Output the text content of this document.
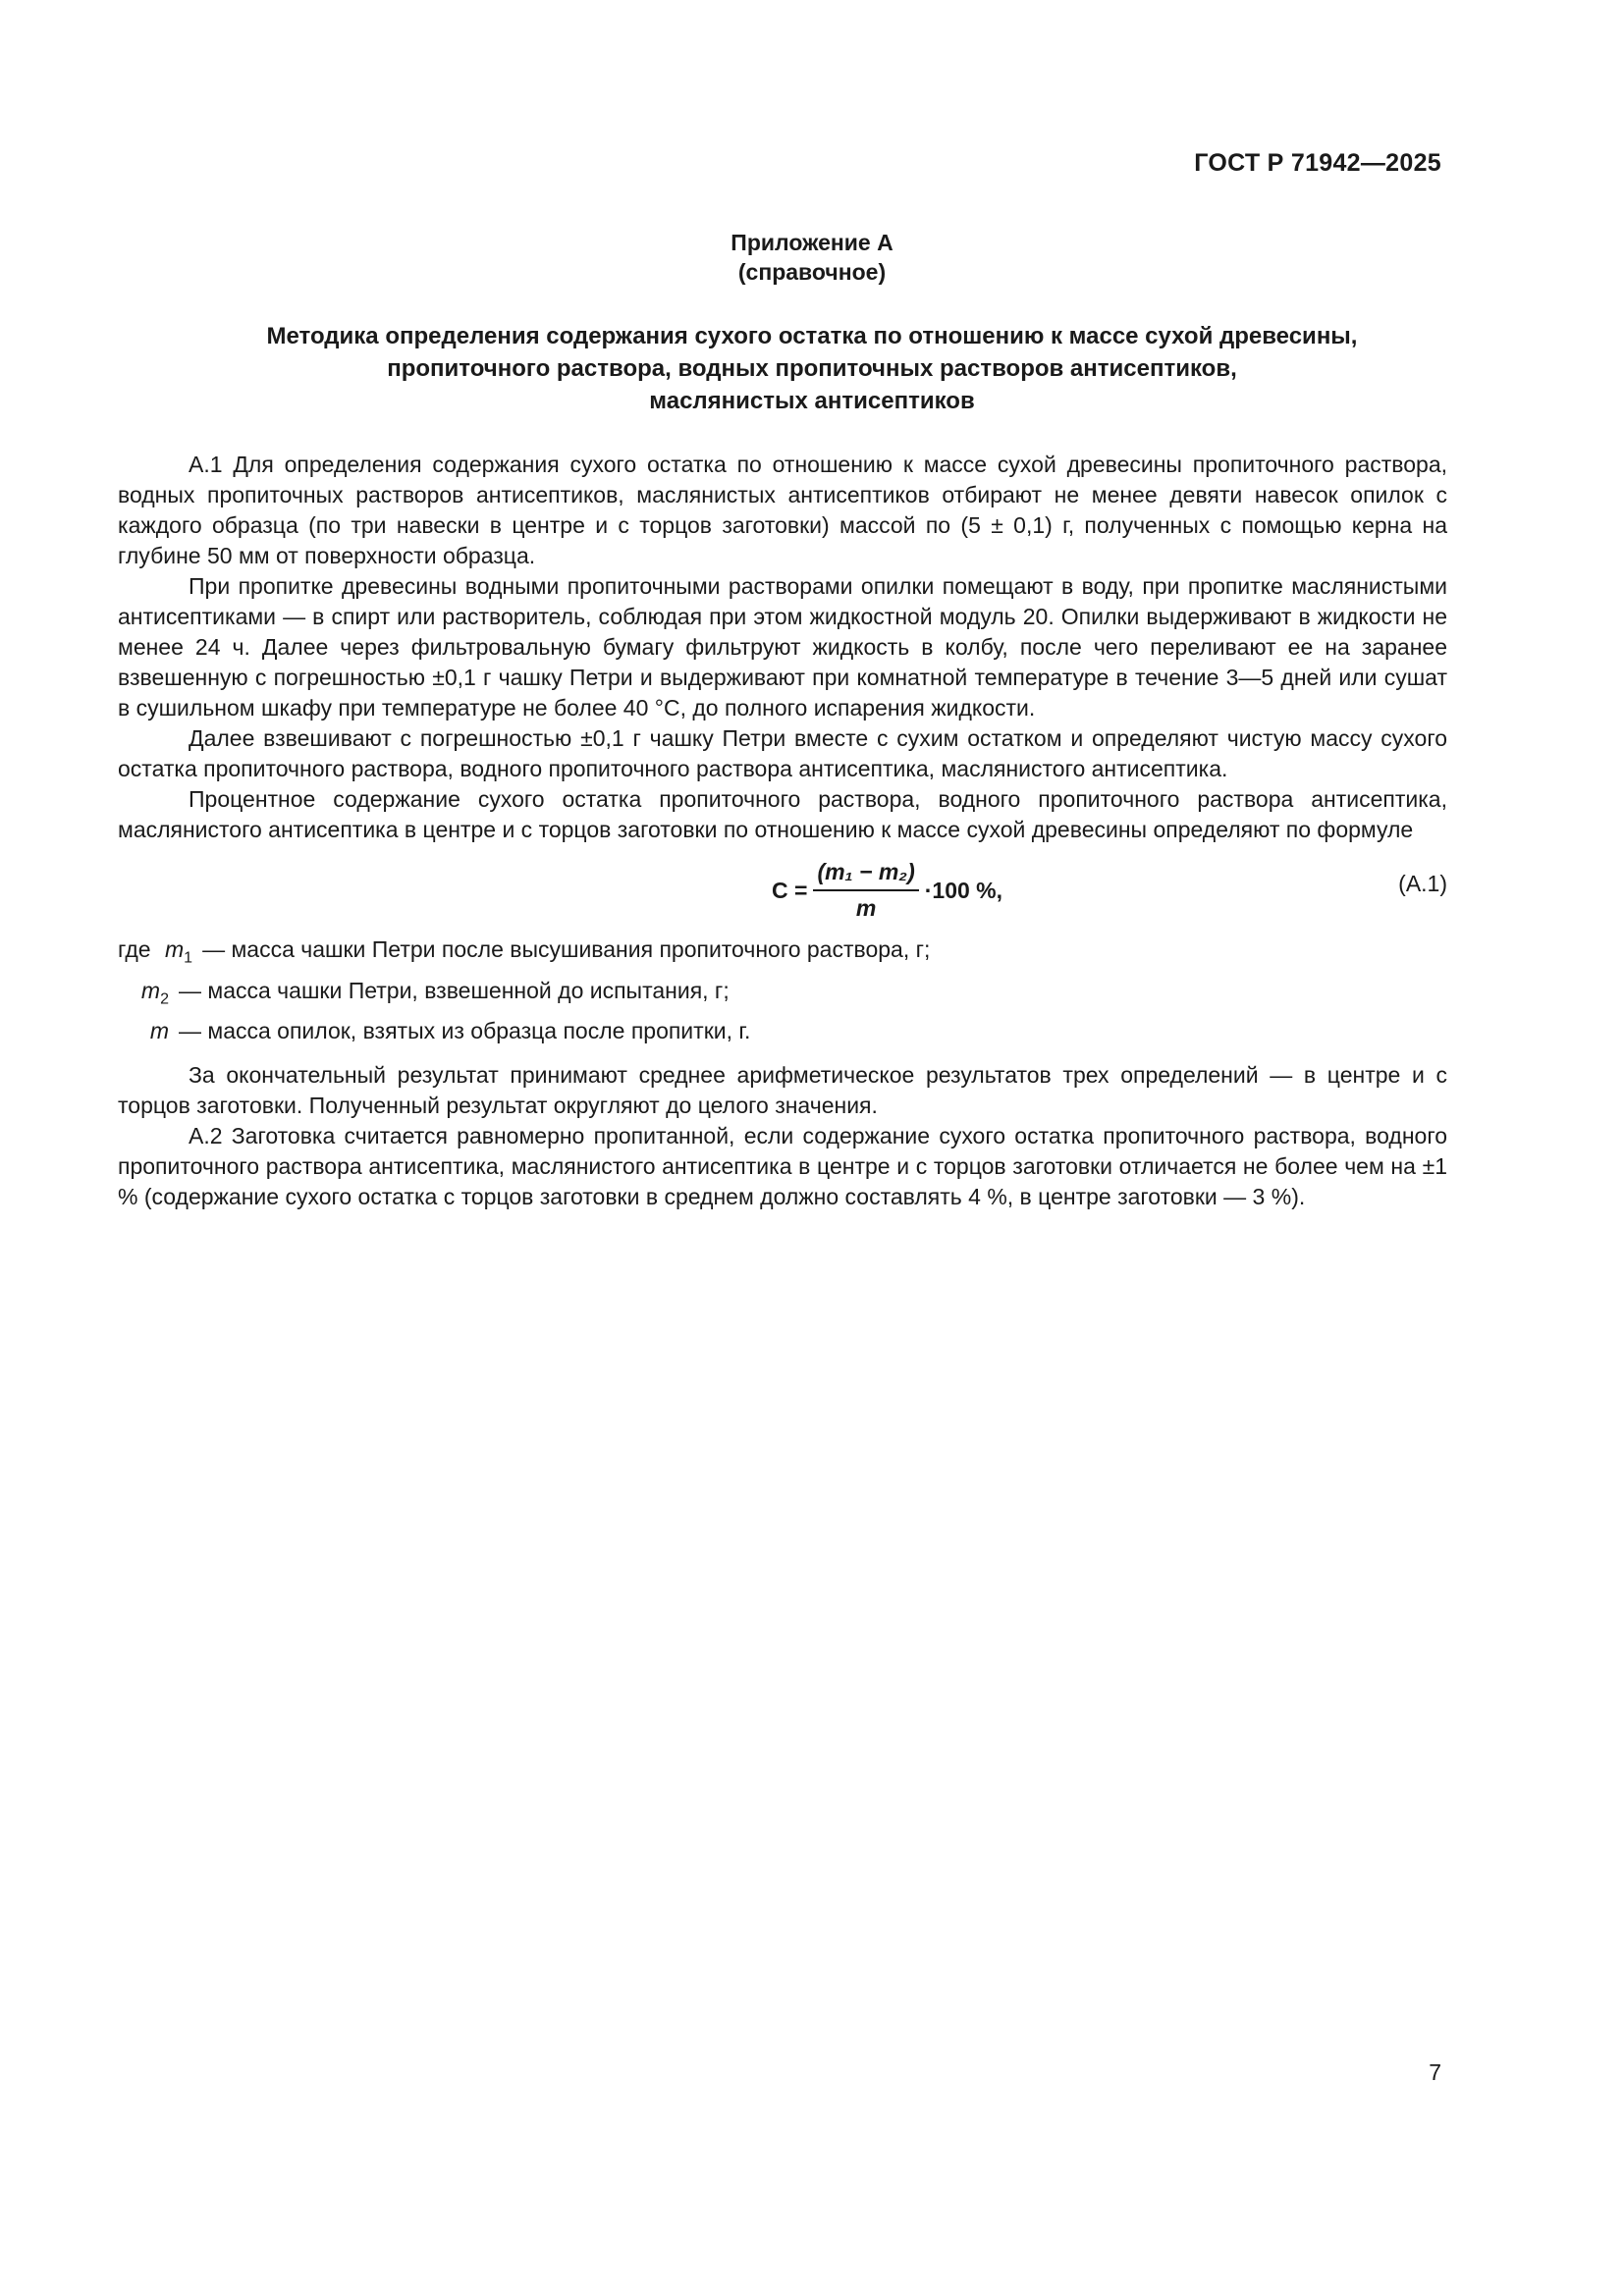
ГОСТ Р 71942—2025
Приложение А
(справочное)
Методика определения содержания сухого остатка по отношению к массе сухой древесины,
пропиточного раствора, водных пропиточных растворов антисептиков,
маслянистых антисептиков

А.1 Для определения содержания сухого остатка по отношению к массе сухой древесины пропиточного раствора, водных пропиточных растворов антисептиков, маслянистых антисептиков отбирают не менее девяти навесок опилок с каждого образца (по три навески в центре и с торцов заготовки) массой по (5 ± 0,1) г, полученных с помощью керна на глубине 50 мм от поверхности образца.

При пропитке древесины водными пропиточными растворами опилки помещают в воду, при пропитке маслянистыми антисептиками — в спирт или растворитель, соблюдая при этом жидкостной модуль 20. Опилки выдерживают в жидкости не менее 24 ч. Далее через фильтровальную бумагу фильтруют жидкость в колбу, после чего переливают ее на заранее взвешенную с погрешностью ±0,1 г чашку Петри и выдерживают при комнатной температуре в течение 3—5 дней или сушат в сушильном шкафу при температуре не более 40 °С, до полного испарения жидкости.

Далее взвешивают с погрешностью ±0,1 г чашку Петри вместе с сухим остатком и определяют чистую массу сухого остатка пропиточного раствора, водного пропиточного раствора антисептика, маслянистого антисептика.

Процентное содержание сухого остатка пропиточного раствора, водного пропиточного раствора антисептика, маслянистого антисептика в центре и с торцов заготовки по отношению к массе сухой древесины определяют по формуле

$C = \frac{\text{(m₁ − m₂)}}{m} \cdot 100$ %,	(А.1)
где $m_1$ — масса чашки Петри после высушивания пропиточного раствора, г;
$m_2$ — масса чашки Петри, взвешенной до испытания, г;
m — масса опилок, взятых из образца после пропитки, г.

За окончательный результат принимают среднее арифметическое результатов трех определений — в центре и с торцов заготовки. Полученный результат округляют до целого значения.

А.2 Заготовка считается равномерно пропитанной, если содержание сухого остатка пропиточного раствора, водного пропиточного раствора антисептика, маслянистого антисептика в центре и с торцов заготовки отличается не более чем на ±1 % (содержание сухого остатка с торцов заготовки в среднем должно составлять 4 %, в центре заготовки — 3 %).

7
